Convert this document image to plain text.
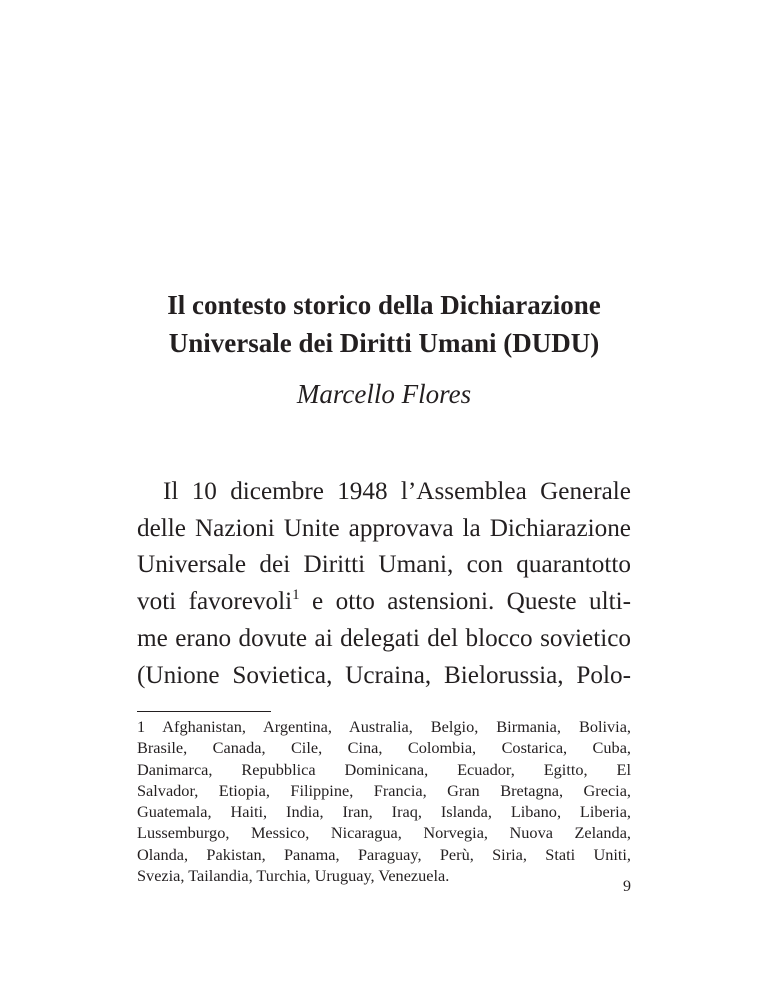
Il contesto storico della Dichiarazione
Universale dei Diritti Umani (DUDU)

Marcello Flores

Il 10 dicembre 1948 l’Assemblea Generale
delle Nazioni Unite approvava la Dichiarazione
Universale dei Diritti Umani, con quarantotto
voti favorevoli$^1$ e otto astensioni. Queste ulti-
me erano dovute ai delegati del blocco sovietico
(Unione Sovietica, Ucraina, Bielorussia, Polo-
1 Afghanistan, Argentina, Australia, Belgio, Birmania, Bolivia,
Brasile, Canada, Cile, Cina, Colombia, Costarica, Cuba,
Danimarca, Repubblica Dominicana, Ecuador, Egitto, El
Salvador, Etiopia, Filippine, Francia, Gran Bretagna, Grecia,
Guatemala, Haiti, India, Iran, Iraq, Islanda, Libano, Liberia,
Lussemburgo, Messico, Nicaragua, Norvegia, Nuova Zelanda,
Olanda, Pakistan, Panama, Paraguay, Perù, Siria, Stati Uniti,
Svezia, Tailandia, Turchia, Uruguay, Venezuela.
9
